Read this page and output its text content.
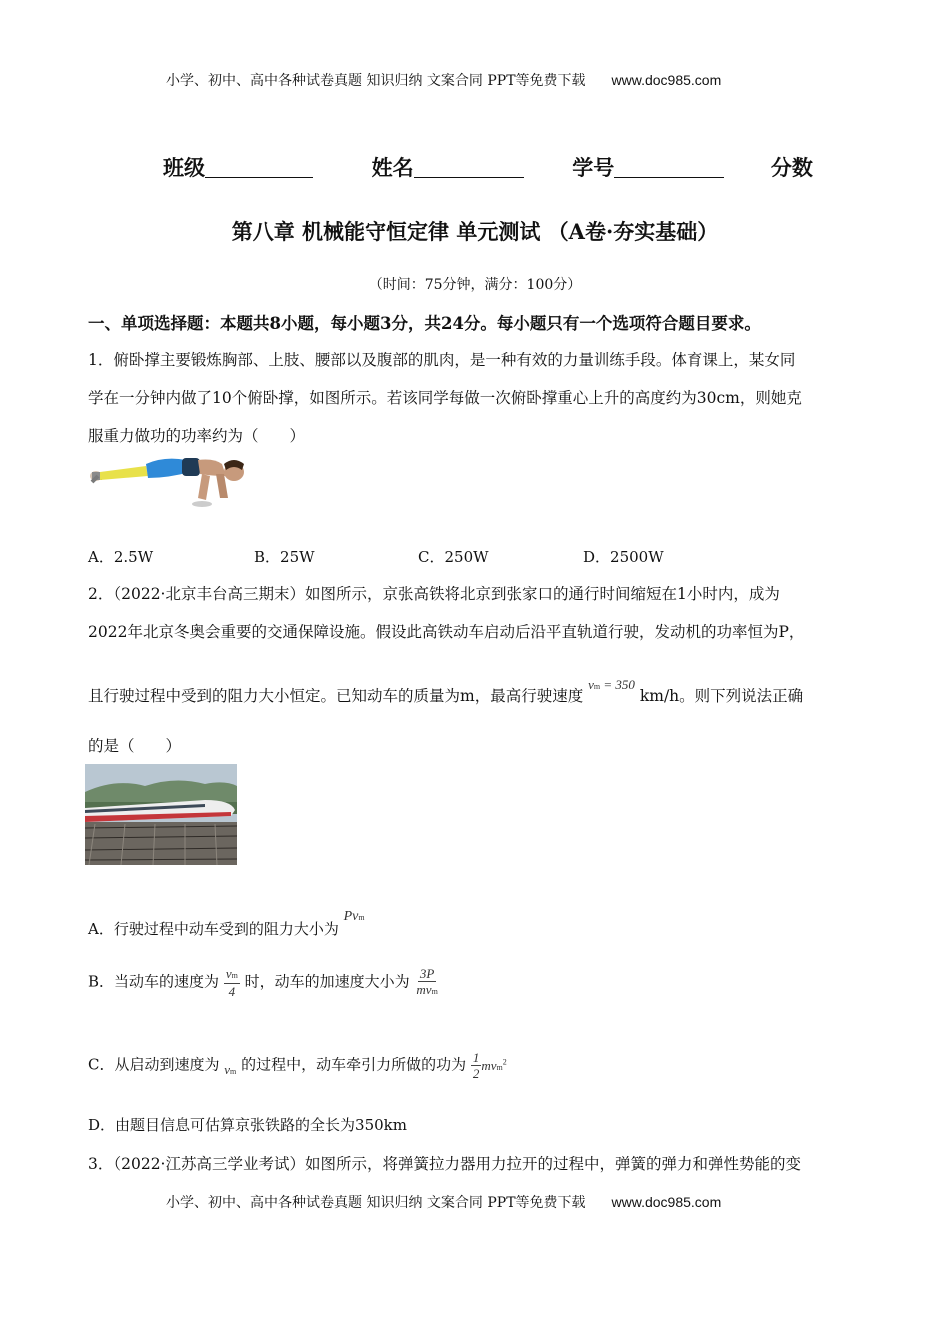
小学、初中、高中各种试卷真题 知识归纳 文案合同 PPT等免费下载 www.doc985.com
班级	姓名	学号	分数
第八章 机械能守恒定律 单元测试 （A卷·夯实基础）
（时间：75分钟，满分：100分）
一、单项选择题：本题共8小题，每小题3分，共24分。每小题只有一个选项符合题目要求。
1．俯卧撑主要锻炼胸部、上肢、腰部以及腹部的肌肉，是一种有效的力量训练手段。体育课上，某女同
学在一分钟内做了10个俯卧撑，如图所示。若该同学每做一次俯卧撑重心上升的高度约为30cm，则她克
服重力做功的功率约为（　　）
A．2.5W	B．25W	C．250W	D．2500W
2．（2022·北京丰台高三期末）如图所示，京张高铁将北京到张家口的通行时间缩短在1小时内，成为
2022年北京冬奥会重要的交通保障设施。假设此高铁动车启动后沿平直轨道行驶，发动机的功率恒为P，
且行驶过程中受到的阻力大小恒定。已知动车的质量为m，最高行驶速度 $^{vm = 350}$ km/h。则下列说法正确
的是（　　）
A．行驶过程中动车受到的阻力大小为 Pvm
B．当动车的速度为 $\frac{vm}{4}$ 时，动车的加速度大小为 $\frac{3P}{\text{mvm}}$
C．从启动到速度为 vm 的过程中，动车牵引力所做的功为 $\frac{1}{2} mvm^2$
D．由题目信息可估算京张铁路的全长为350km
3．（2022·江苏高三学业考试）如图所示，将弹簧拉力器用力拉开的过程中，弹簧的弹力和弹性势能的变
小学、初中、高中各种试卷真题 知识归纳 文案合同 PPT等免费下载 www.doc985.com
